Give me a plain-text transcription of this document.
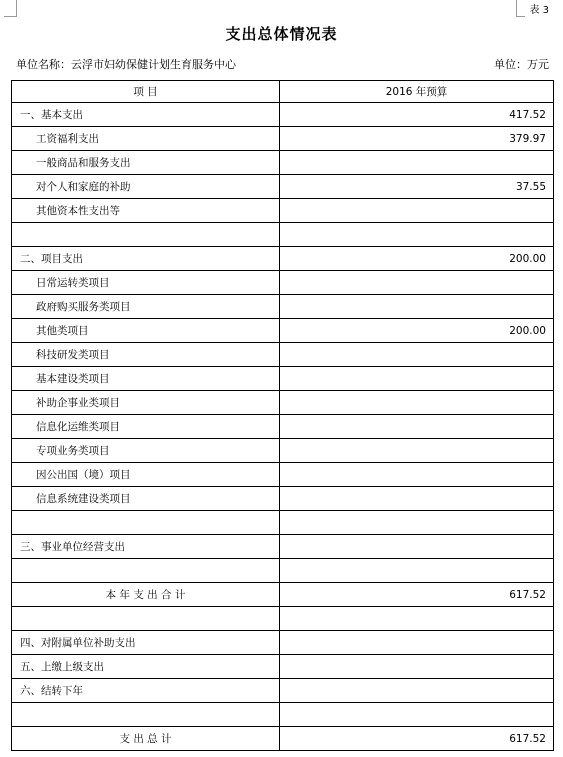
表 3
支出总体情况表
单位名称：云浮市妇幼保健计划生育服务中心	单位：万元
项 目	2016 年预算
一、基本支出	417.52
工资福利支出	379.97
一般商品和服务支出	
对个人和家庭的补助	37.55
其他资本性支出等	

二、项目支出	200.00
日常运转类项目	
政府购买服务类项目	
其他类项目	200.00
科技研发类项目	
基本建设类项目	
补助企事业类项目	
信息化运维类项目	
专项业务类项目	
因公出国（境）项目	
信息系统建设类项目	

三、事业单位经营支出	

本 年 支 出 合 计	617.52

四、对附属单位补助支出	
五、上缴上级支出	
六、结转下年	

支 出 总 计	617.52
